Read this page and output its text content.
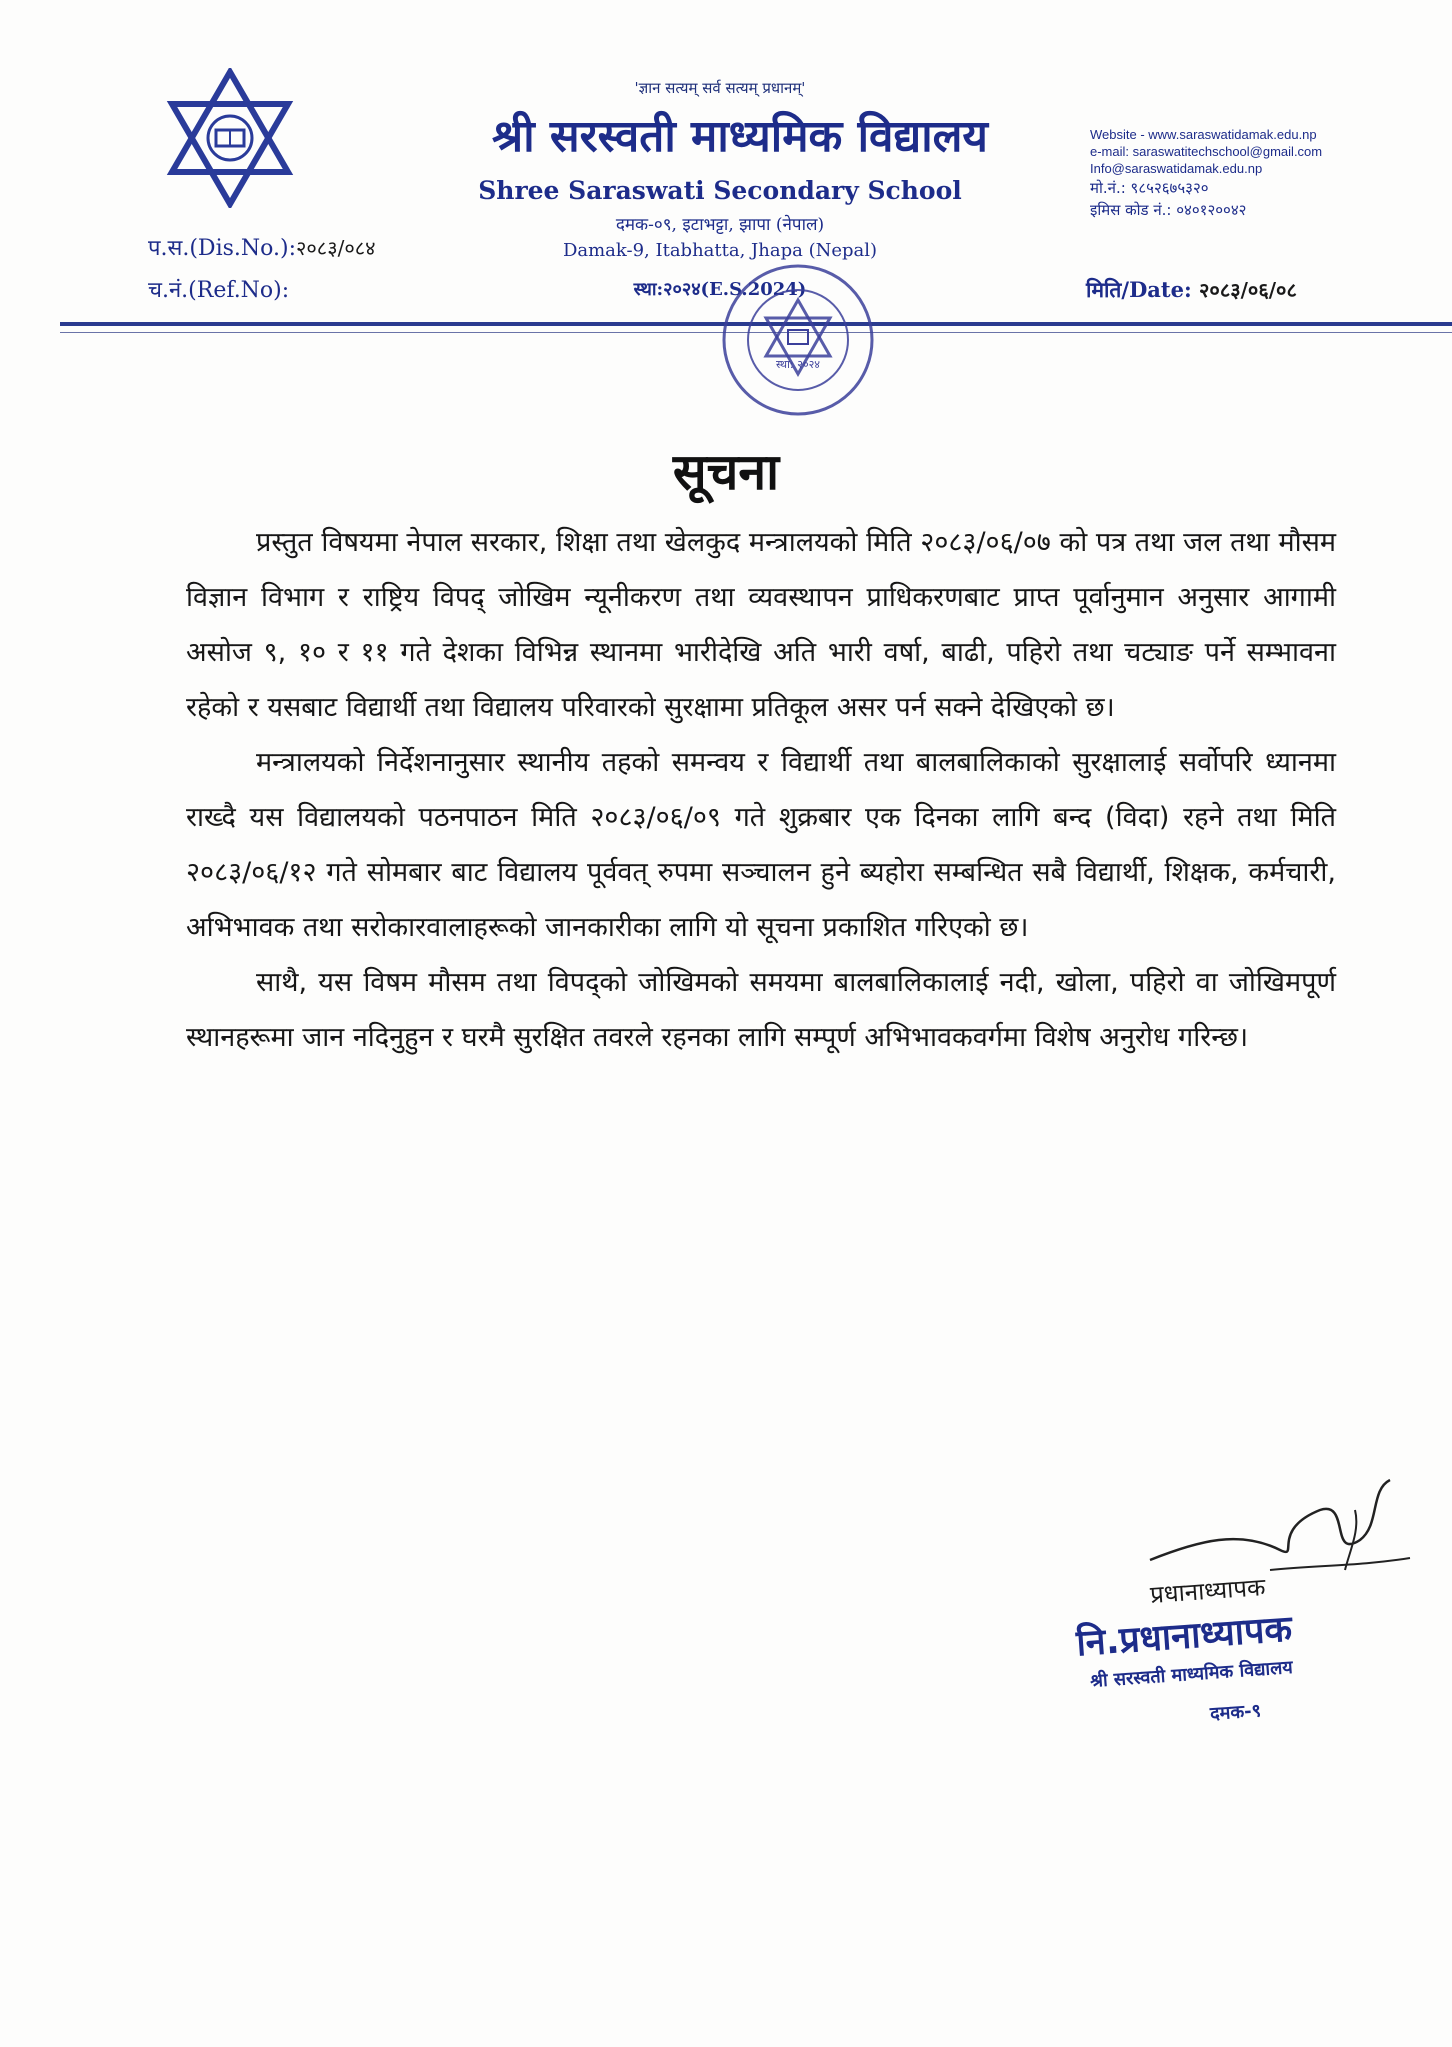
'ज्ञान सत्यम् सर्व सत्यम् प्रधानम्'
श्री सरस्वती माध्यमिक विद्यालय
Shree Saraswati Secondary School
दमक-०९, इटाभट्टा, झापा (नेपाल)
Damak-9, Itabhatta, Jhapa (Nepal)
स्था:२०२४(E.S.2024)
प.स.(Dis.No.):२०८३/०८४
च.नं.(Ref.No):
Website - www.saraswatidamak.edu.np
e-mail: saraswatitechschool@gmail.com
Info@saraswatidamak.edu.np
मो.नं.: ९८५२६७५३२०
इमिस कोड नं.: ०४०१२००४२
मिति/Date: २०८३/०६/०८
स्था: २०२४
सूचना

प्रस्तुत विषयमा नेपाल सरकार, शिक्षा तथा खेलकुद मन्त्रालयको मिति २०८३/०६/०७ को पत्र तथा जल तथा मौसम विज्ञान विभाग र राष्ट्रिय विपद् जोखिम न्यूनीकरण तथा व्यवस्थापन प्राधिकरणबाट प्राप्त पूर्वानुमान अनुसार आगामी असोज ९, १० र ११ गते देशका विभिन्न स्थानमा भारीदेखि अति भारी वर्षा, बाढी, पहिरो तथा चट्याङ पर्ने सम्भावना रहेको र यसबाट विद्यार्थी तथा विद्यालय परिवारको सुरक्षामा प्रतिकूल असर पर्न सक्ने देखिएको छ।

मन्त्रालयको निर्देशनानुसार स्थानीय तहको समन्वय र विद्यार्थी तथा बालबालिकाको सुरक्षालाई सर्वोपरि ध्यानमा राख्दै यस विद्यालयको पठनपाठन मिति २०८३/०६/०९ गते शुक्रबार एक दिनका लागि बन्द (विदा) रहने तथा मिति २०८३/०६/१२ गते सोमबार बाट विद्यालय पूर्ववत् रुपमा सञ्चालन हुने ब्यहोरा सम्बन्धित सबै विद्यार्थी, शिक्षक, कर्मचारी, अभिभावक तथा सरोकारवालाहरूको जानकारीका लागि यो सूचना प्रकाशित गरिएको छ।

साथै, यस विषम मौसम तथा विपद्को जोखिमको समयमा बालबालिकालाई नदी, खोला, पहिरो वा जोखिमपूर्ण स्थानहरूमा जान नदिनुहुन र घरमै सुरक्षित तवरले रहनका लागि सम्पूर्ण अभिभावकवर्गमा विशेष अनुरोध गरिन्छ।

प्रधानाध्यापक
नि.प्रधानाध्यापक
श्री सरस्वती माध्यमिक विद्यालय
दमक-९
